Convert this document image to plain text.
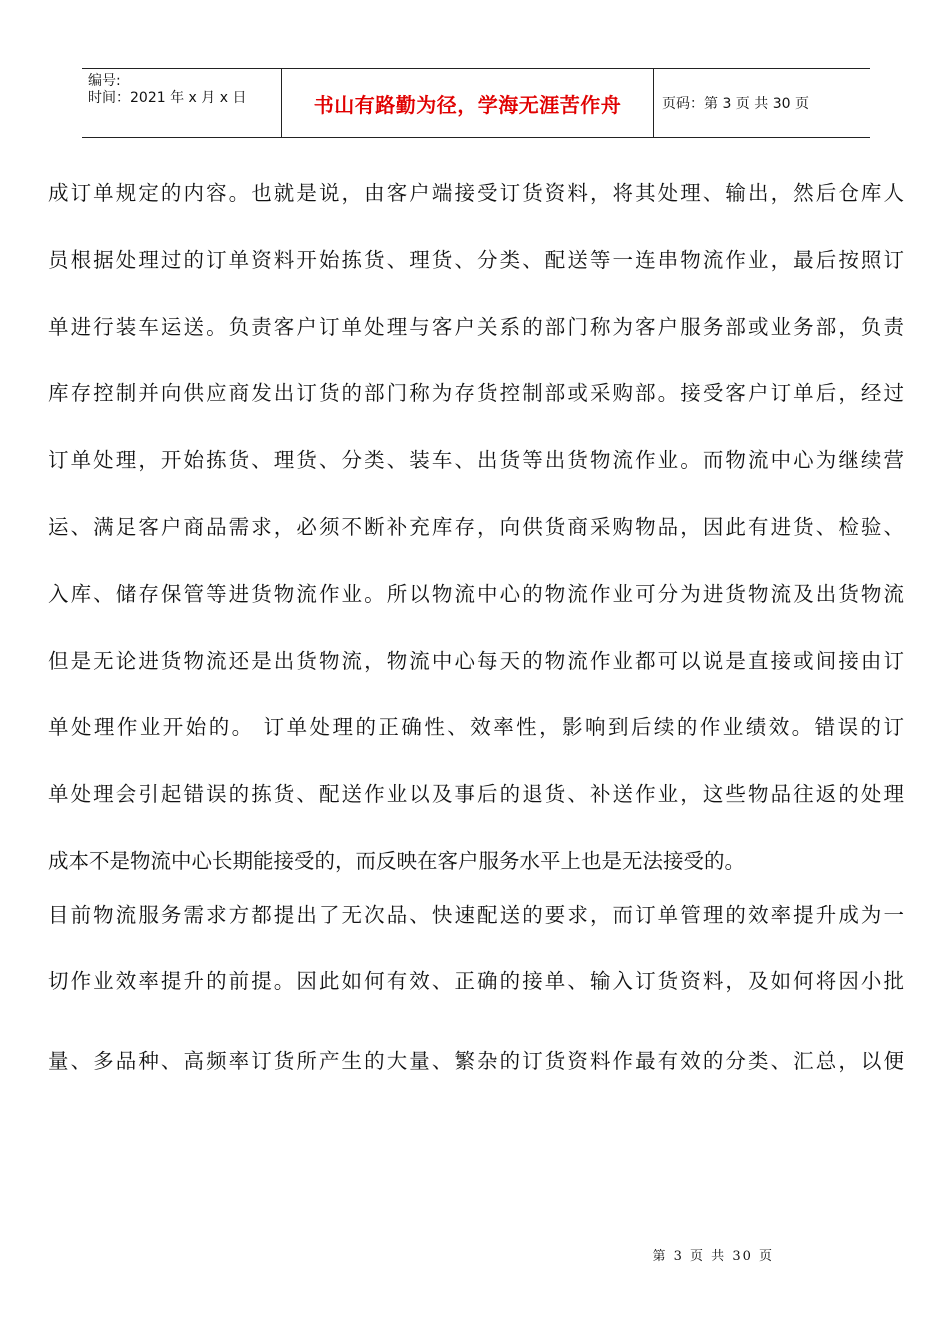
编号:
时间：2021 年 x 月 x 日	书山有路勤为径，学海无涯苦作舟	页码：第 3 页 共 30 页
成订单规定的内容。也就是说，由客户端接受订货资料，将其处理、输出，然后仓库人
员根据处理过的订单资料开始拣货、理货、分类、配送等一连串物流作业，最后按照订
单进行装车运送。负责客户订单处理与客户关系的部门称为客户服务部或业务部，负责
库存控制并向供应商发出订货的部门称为存货控制部或采购部。接受客户订单后，经过
订单处理，开始拣货、理货、分类、装车、出货等出货物流作业。而物流中心为继续营
运、满足客户商品需求，必须不断补充库存，向供货商采购物品，因此有进货、检验、
入库、储存保管等进货物流作业。所以物流中心的物流作业可分为进货物流及出货物流
但是无论进货物流还是出货物流，物流中心每天的物流作业都可以说是直接或间接由订
单处理作业开始的。 订单处理的正确性、效率性，影响到后续的作业绩效。错误的订
单处理会引起错误的拣货、配送作业以及事后的退货、补送作业，这些物品往返的处理
成本不是物流中心长期能接受的，而反映在客户服务水平上也是无法接受的。
目前物流服务需求方都提出了无次品、快速配送的要求，而订单管理的效率提升成为一
切作业效率提升的前提。因此如何有效、正确的接单、输入订货资料，及如何将因小批
量、多品种、高频率订货所产生的大量、繁杂的订货资料作最有效的分类、汇总，以便
第 3 页 共 30 页
